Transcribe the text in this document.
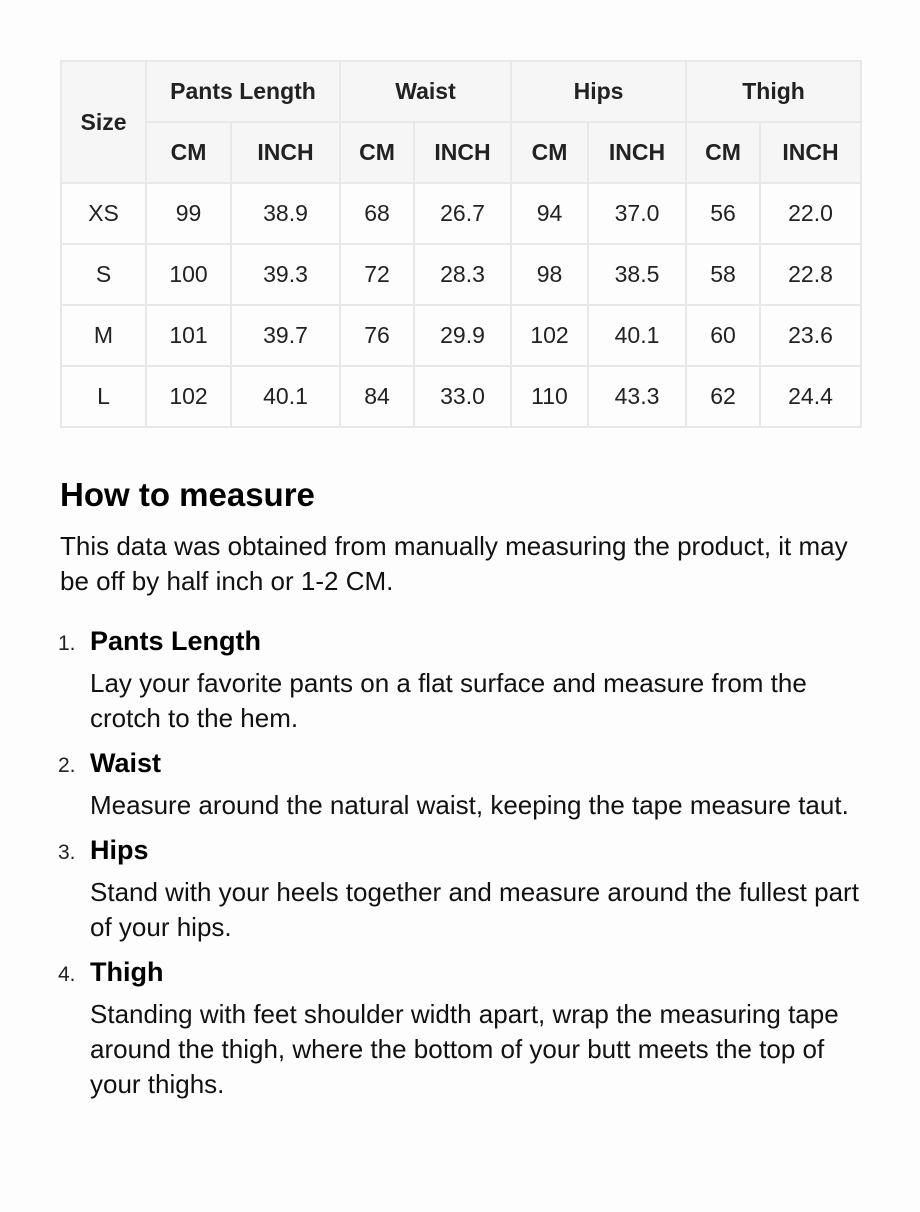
Size	Pants Length		Waist		Hips		Thigh	
	CM	INCH	CM	INCH	CM	INCH	CM	INCH
XS	99	38.9	68	26.7	94	37.0	56	22.0
S	100	39.3	72	28.3	98	38.5	58	22.8
M	101	39.7	76	29.9	102	40.1	60	23.6
L	102	40.1	84	33.0	110	43.3	62	24.4
How to measure

This data was obtained from manually measuring the product, it may be off by half inch or 1-2 CM.

1. Pants Length
Lay your favorite pants on a flat surface and measure from the crotch to the hem.
2. Waist
Measure around the natural waist, keeping the tape measure taut.
3. Hips
Stand with your heels together and measure around the fullest part of your hips.
4. Thigh
Standing with feet shoulder width apart, wrap the measuring tape around the thigh, where the bottom of your butt meets the top of your thighs.
